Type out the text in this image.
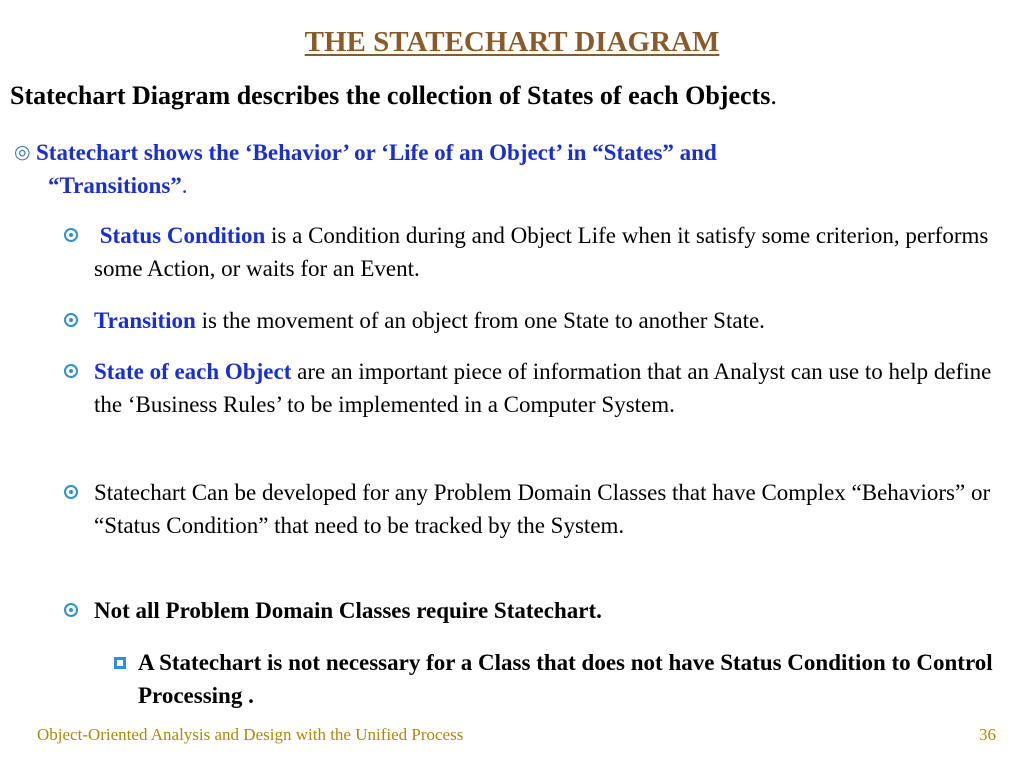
THE STATECHART DIAGRAM
Statechart Diagram describes the collection of States of each Objects.
◎ Statechart shows the ‘Behavior’ or ‘Life of an Object’ in “States” and
“Transitions”.
Status Condition is a Condition during and Object Life when it satisfy some criterion, performs some Action, or waits for an Event.
Transition is the movement of an object from one State to another State.
State of each Object are an important piece of information that an Analyst can use to help define the ‘Business Rules’ to be implemented in a Computer System.
Statechart Can be developed for any Problem Domain Classes that have Complex “Behaviors” or “Status Condition” that need to be tracked by the System.
Not all Problem Domain Classes require Statechart.
A Statechart is not necessary for a Class that does not have Status Condition to Control Processing .
Object-Oriented Analysis and Design with the Unified Process	36
